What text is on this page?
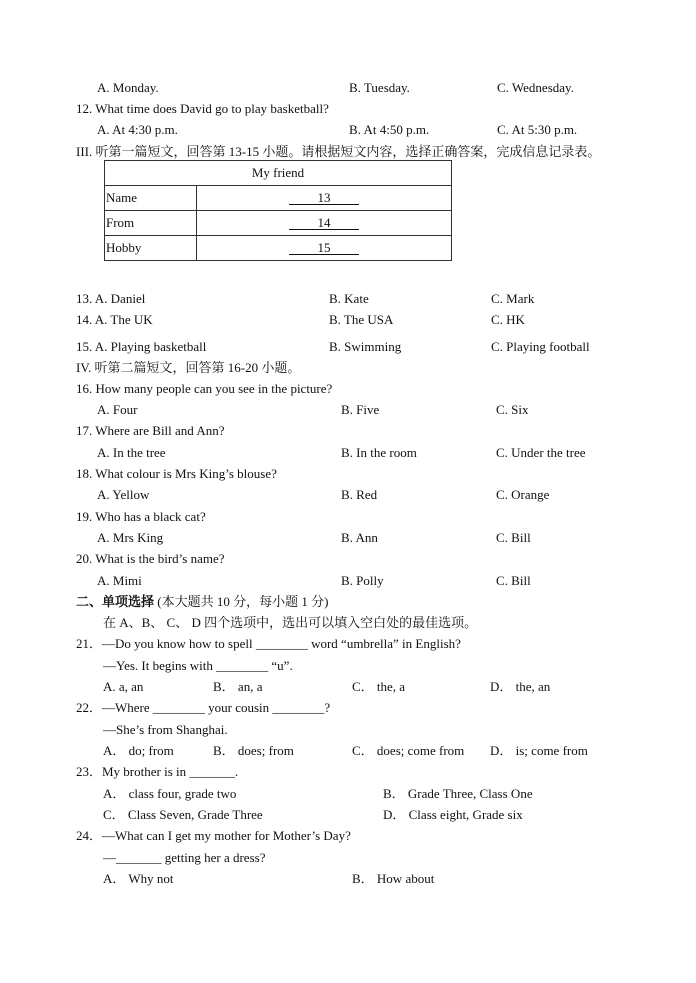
A. Monday.	B. Tuesday.	C. Wednesday.
12. What time does David go to play basketball?
A. At 4:30 p.m.	B. At 4:50 p.m.	C. At 5:30 p.m.
III. 听第一篇短文，回答第 13-15 小题。请根据短文内容，选择正确答案，完成信息记录表。
My friend	
Name	13
From	14
Hobby	15
13. A. Daniel	B. Kate	C. Mark
14. A. The UK	B. The USA	C. HK
15. A. Playing basketball	B. Swimming	C. Playing football
IV. 听第二篇短文，回答第 16-20 小题。
16. How many people can you see in the picture?
A. Four	B. Five	C. Six
17. Where are Bill and Ann?
A. In the tree	B. In the room	C. Under the tree
18. What colour is Mrs King’s blouse?
A. Yellow	B. Red	C. Orange
19. Who has a black cat?
A. Mrs King	B. Ann	C. Bill
20. What is the bird’s name?
A. Mimi	B. Polly	C. Bill
二、单项选择 (本大题共 10 分，每小题 1 分)
在 A、B、 C、 D 四个选项中，选出可以填入空白处的最佳选项。
21．—Do you know how to spell ________ word “umbrella” in English?
—Yes. It begins with ________ “u”.
A. a, an	B． an, a	C． the, a	D． the, an
22．—Where ________ your cousin ________?
—She’s from Shanghai.
A． do; from	B． does; from	C． does; come from D． is; come from
23．My brother is in _______.
A． class four, grade two	B． Grade Three, Class One
C． Class Seven, Grade Three	D． Class eight, Grade six
24．—What can I get my mother for Mother’s Day?
—_______ getting her a dress?
A． Why not	B． How about
